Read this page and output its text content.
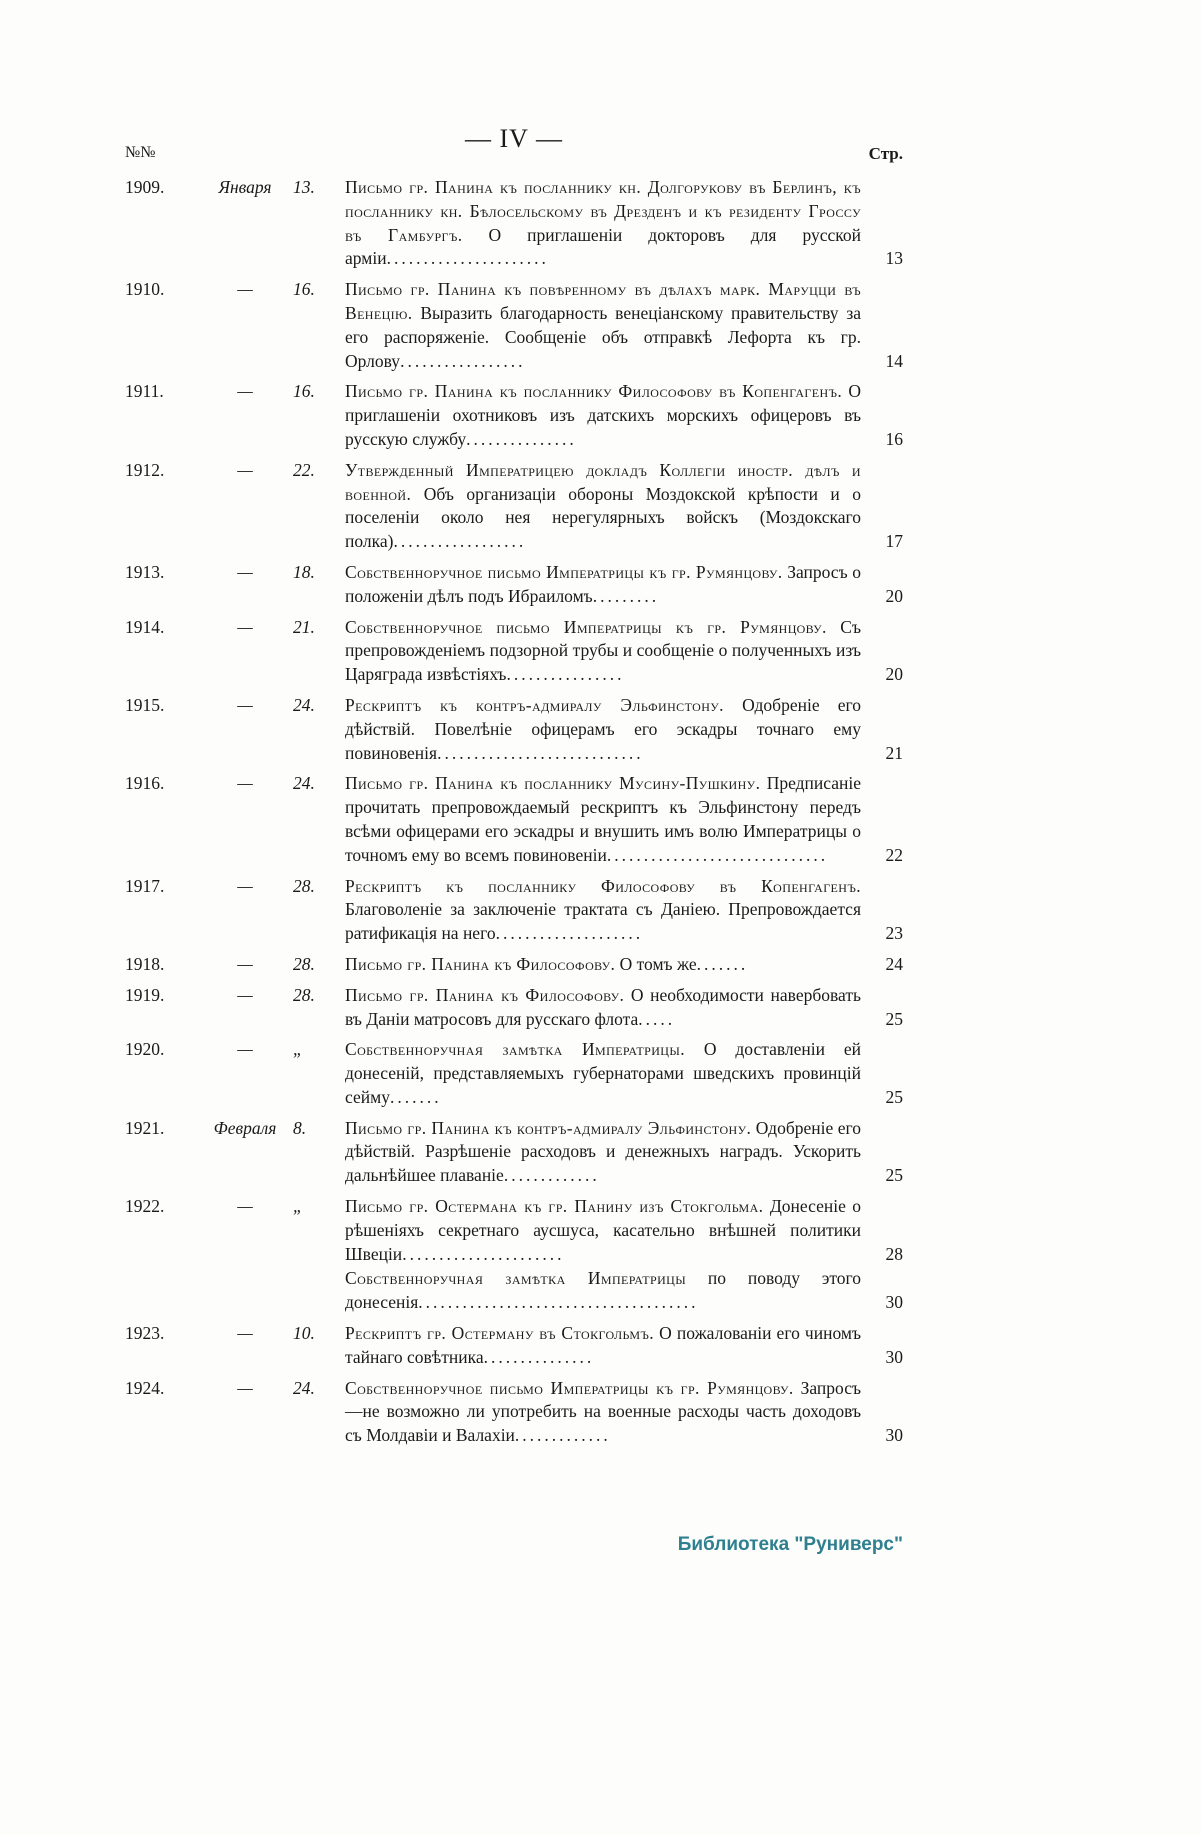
— IV —
№№	Стр.
1909.	Января	13.	Письмо гр. Панина къ посланнику кн. Долгорукову въ Берлинъ, къ посланнику кн. Бѣлосельскому въ Дрезденъ и къ резиденту Гроссу въ Гамбургъ. О приглашеніи докторовъ для русской арміи......................	13
1910.	—	16.	Письмо гр. Панина къ повѣренному въ дѣлахъ марк. Маруцци въ Венецію. Выразить благодарность венеціанскому правительству за его распоряженіе. Сообщеніе объ отправкѣ Лефорта къ гр. Орлову.................	14
1911.	—	16.	Письмо гр. Панина къ посланнику Философову въ Копенгагенъ. О приглашеніи охотниковъ изъ датскихъ морскихъ офицеровъ въ русскую службу...............	16
1912.	—	22.	Утвержденный Императрицею докладъ Коллегіи иностр. дѣлъ и военной. Объ организаціи обороны Моздокской крѣпости и о поселеніи около нея нерегулярныхъ войскъ (Моздокскаго полка)..................	17
1913.	—	18.	Собственноручное письмо Императрицы къ гр. Румянцову. Запросъ о положеніи дѣлъ подъ Ибраиломъ.........	20
1914.	—	21.	Собственноручное письмо Императрицы къ гр. Румянцову. Съ препровожденіемъ подзорной трубы и сообщеніе о полученныхъ изъ Царяграда извѣстіяхъ................	20
1915.	—	24.	Рескриптъ къ контръ-адмиралу Эльфинстону. Одобреніе его дѣйствій. Повелѣніе офицерамъ его эскадры точнаго ему повиновенія............................	21
1916.	—	24.	Письмо гр. Панина къ посланнику Мусину-Пушкину. Предписаніе прочитать препровождаемый рескриптъ къ Эльфинстону передъ всѣми офицерами его эскадры и внушить имъ волю Императрицы о точномъ ему во всемъ повиновеніи..............................	22
1917.	—	28.	Рескриптъ къ посланнику Философову въ Копенгагенъ. Благоволеніе за заключеніе трактата съ Даніею. Препровождается ратификація на него....................	23
1918.	—	28.	Письмо гр. Панина къ Философову. О томъ же.......	24
1919.	—	28.	Письмо гр. Панина къ Философову. О необходимости навербовать въ Даніи матросовъ для русскаго флота.....	25
1920.	—	„	Собственноручная замѣтка Императрицы. О доставленіи ей донесеній, представляемыхъ губернаторами шведскихъ провинцій сейму.......	25
1921.	Февраля 8.	Письмо гр. Панина къ контръ-адмиралу Эльфинстону. Одобреніе его дѣйствій. Разрѣшеніе расходовъ и денежныхъ наградъ. Ускорить дальнѣйшее плаваніе.............	25
1922.	—	„	Письмо гр. Остермана къ гр. Панину изъ Стокгольма. Донесеніе о рѣшеніяхъ секретнаго аусшуса, касательно внѣшней политики Швеціи......................	28
Собственноручная замѣтка Императрицы по поводу этого донесенія......................................	30
1923.	—	10.	Рескриптъ гр. Остерману въ Стокгольмъ. О пожалованіи его чиномъ тайнаго совѣтника...............	30
1924.	—	24.	Собственноручное письмо Императрицы къ гр. Румянцову. Запросъ—не возможно ли употребить на военные расходы часть доходовъ съ Молдавіи и Валахіи.............	30
Библиотека "Руниверс"
